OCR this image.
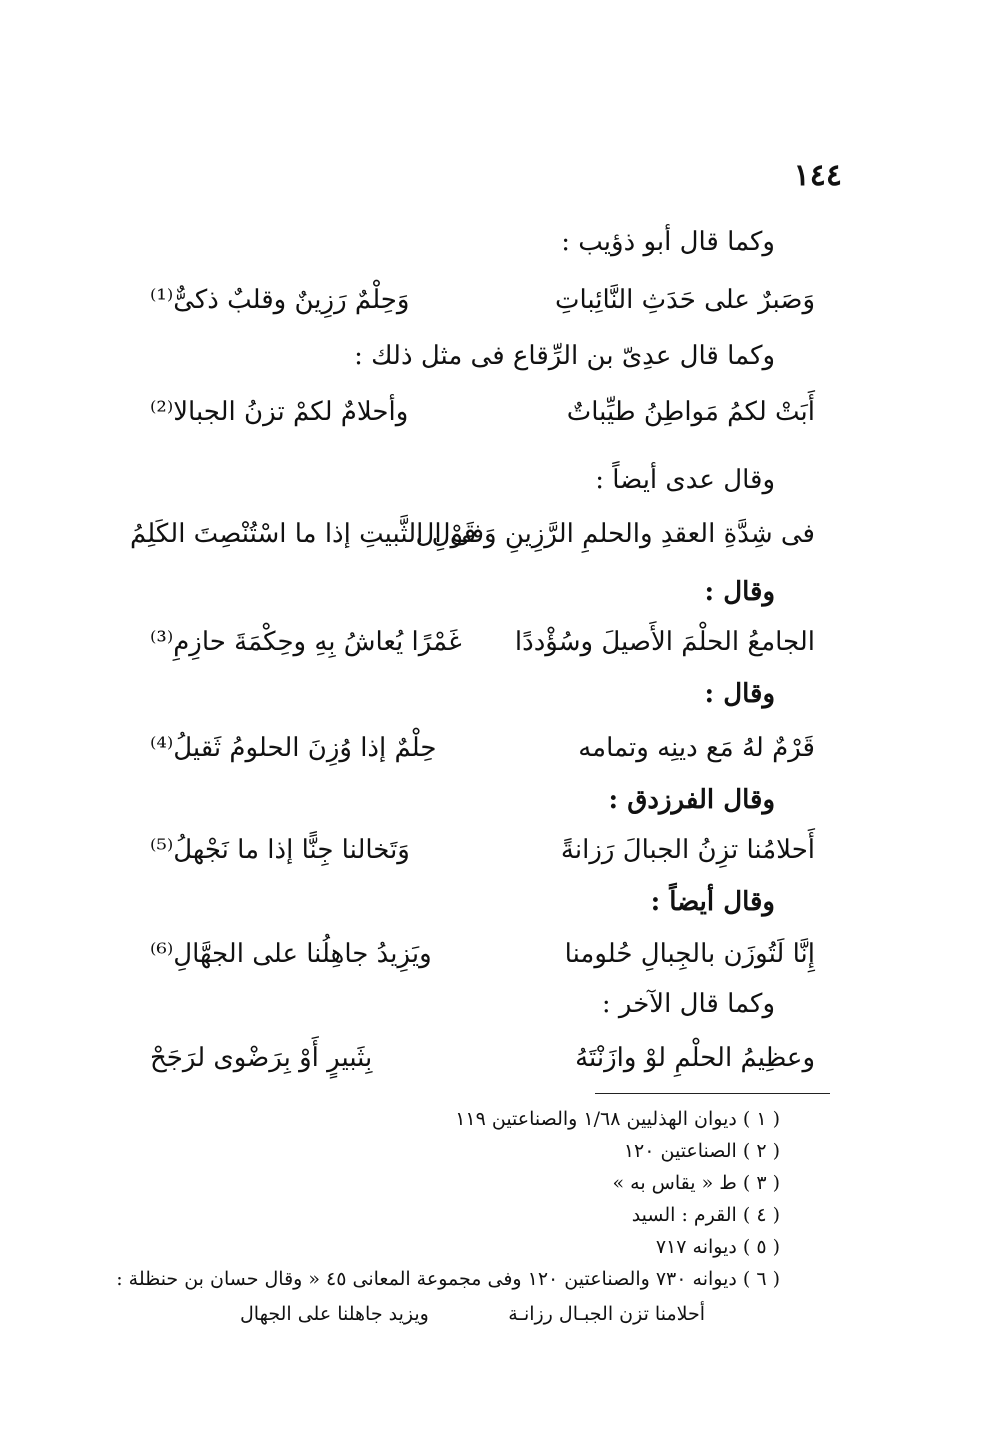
١٤٤
وكما قال أبو ذؤيب :
وَصَبرٌ على حَدَثِ النَّائِباتِ
وَحِلْمٌ رَزِينٌ وقلبٌ ذكىٌّ⁽¹⁾
وكما قال عدِىّ بن الرِّقاع فى مثل ذلك :
أَبَتْ لكمُ مَواطِنُ طيِّباتٌ
وأحلامٌ لكمْ تزنُ الجبالا⁽²⁾
وقال عدى أيضاً :
فى شِدَّةِ العقدِ والحلمِ الرَّزِينِ وَفى ال
قَوْلِ الثَّبيتِ إذا ما اسْتُنْصِتَ الكَلِمُ
وقال :
الجامعُ الحلْمَ الأَصيلَ وسُؤْددًا
غَمْرًا يُعاشُ بِهِ وحِكْمَةَ حازِمِ⁽³⁾
وقال :
قَرْمٌ لهُ مَع دينِه وتمامه
حِلْمٌ إذا وُزِنَ الحلومُ ثَقيلُ⁽⁴⁾
وقال الفرزدق :
أَحلامُنا تزِنُ الجبالَ رَزانةً
وَتَخالنا جِنًّا إذا ما نَجْهلُ⁽⁵⁾
وقال أيضاً :
إِنَّا لَتُوزَن بالجِبالِ حُلومنا
ويَزِيدُ جاهِلُنا على الجهَّالِ⁽⁶⁾
وكما قال الآخر :
وعظِيمُ الحلْمِ لوْ وازَنْتَهُ
بِثَبيرٍ أَوْ بِرَضْوى لرَجَحْ
( ١ ) ديوان الهذليين ١/٦٨ والصناعتين ١١٩
( ٢ ) الصناعتين ١٢٠
( ٣ ) ط « يقاس به »
( ٤ ) القرم : السيد
( ٥ ) ديوانه ٧١٧
( ٦ ) ديوانه ٧٣٠ والصناعتين ١٢٠ وفى مجموعة المعانى ٤٥ « وقال حسان بن حنظلة :
أحلامنا تزن الجبـال رزانـة
ويزيد جاهلنا على الجهال
